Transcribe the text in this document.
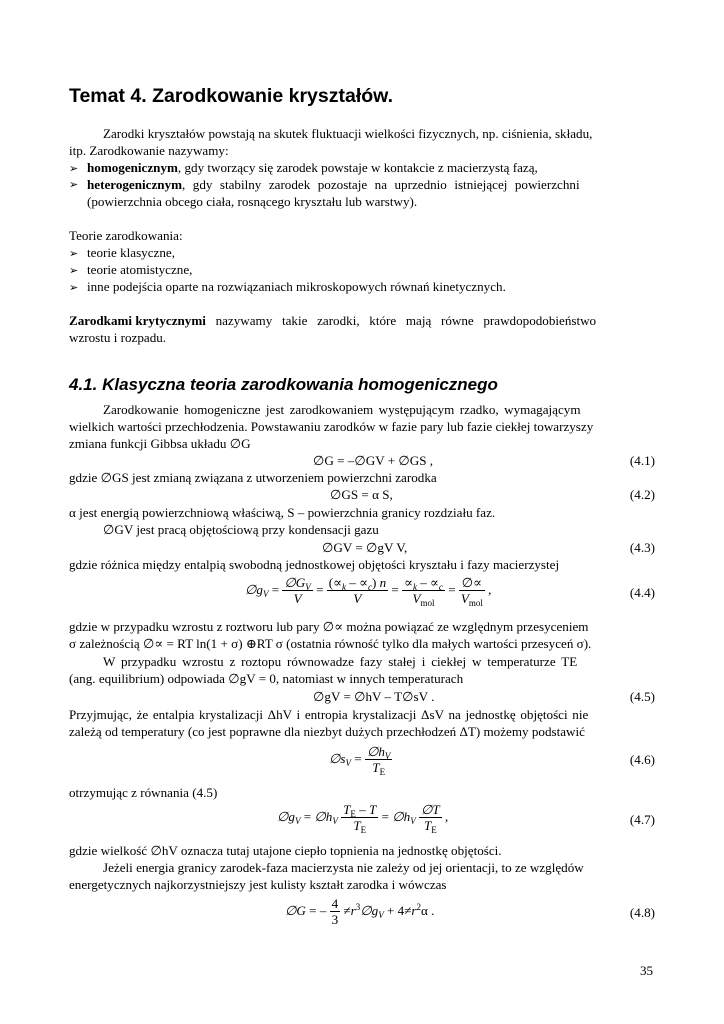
Temat 4. Zarodkowanie kryształów.
Zarodki kryształów powstają na skutek fluktuacji wielkości fizycznych, np. ciśnienia, składu,
itp. Zarodkowanie nazywamy:
➢ homogenicznym, gdy tworzący się zarodek powstaje w kontakcie z macierzystą fazą,
➢ heterogenicznym , gdy stabilny zarodek pozostaje na uprzednio istniejącej powierzchni
(powierzchnia obcego ciała, rosnącego kryształu lub warstwy).
Teorie zarodkowania:
➢ teorie klasyczne,
➢ teorie atomistyczne,
➢ inne podejścia oparte na rozwiązaniach mikroskopowych równań kinetycznych.
Zarodkami krytycznymi nazywamy takie zarodki, które mają równe prawdopodobieństwo
wzrostu i rozpadu.
4.1. Klasyczna teoria zarodkowania homogenicznego
Zarodkowanie homogeniczne jest zarodkowaniem występującym rzadko, wymagającym
wielkich wartości przechłodzenia. Powstawaniu zarodków w fazie pary lub fazie ciekłej towarzyszy
zmiana funkcji Gibbsa układu ∅G
∅G = –∅GV + ∅GS ,	(4.1)
gdzie ∅GS jest zmianą związana z utworzeniem powierzchni zarodka
∅GS = α S,	(4.2)
α jest energią powierzchniową właściwą, S – powierzchnia granicy rozdziału faz.
∅GV jest pracą objętościową przy kondensacji gazu
∅GV = ∅gV V,	(4.3)
gdzie różnica między entalpią swobodną jednostkowej objętości kryształu i fazy macierzystej
$\emptyset g_V = \frac{\emptyset G_V}{V} = \frac{(\propto_k - \propto_c) n}{V} = \frac{\propto_k - \propto_c}{V_{mol}} = \frac{\emptyset\propto}{V_{mol}}$ ,	(4.4)
gdzie w przypadku wzrostu z roztworu lub pary ∅∝ można powiązać ze względnym przesyceniem
σ zależnością ∅∝ = RT ln(1 + σ) ⊕RT σ (ostatnia równość tylko dla małych wartości przesyceń σ).
W przypadku wzrostu z roztopu równowadze fazy stałej i ciekłej w temperaturze TE
(ang. equilibrium) odpowiada ∅gV = 0, natomiast w innych temperaturach
∅gV = ∅hV – T∅sV .	(4.5)
Przyjmując, że entalpia krystalizacji ΔhV i entropia krystalizacji ΔsV na jednostkę objętości nie
zależą od temperatury (co jest poprawne dla niezbyt dużych przechłodzeń ΔT) możemy podstawić
$\emptyset s_V = \frac{\emptyset h_V}{T_E}$	(4.6)
otrzymując z równania (4.5)
$\emptyset g_V$ = $\emptyset h_V \frac{T_E - T}{T_E}$ = $\emptyset h_V \frac{\emptyset T}{T_E}$ ,	(4.7)
gdzie wielkość ∅hV oznacza tutaj utajone ciepło topnienia na jednostkę objętości.
Jeżeli energia granicy zarodek-faza macierzysta nie zależy od jej orientacji, to ze względów
energetycznych najkorzystniejszy jest kulisty kształt zarodka i wówczas
∅G = – $\frac{4}{3}$ $\ne r^3\emptyset g_V + 4\ne r^2\alpha$ .	(4.8)
35
